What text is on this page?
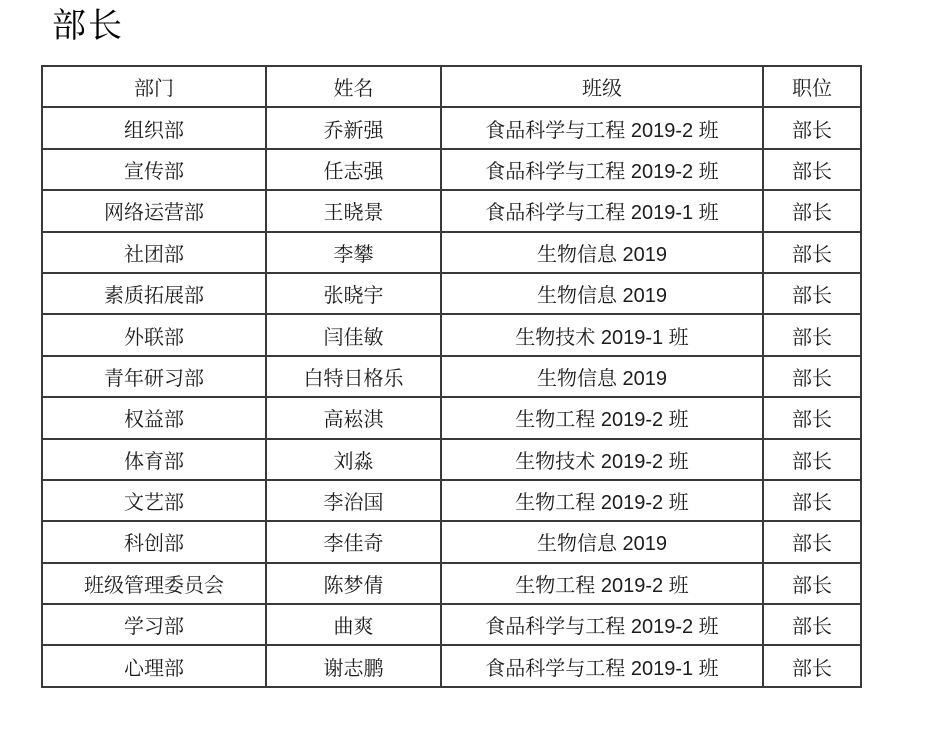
部长
部门	姓名	班级	职位
组织部	乔新强	食品科学与工程 2019-2 班	部长
宣传部	任志强	食品科学与工程 2019-2 班	部长
网络运营部	王晓景	食品科学与工程 2019-1 班	部长
社团部	李攀	生物信息 2019	部长
素质拓展部	张晓宇	生物信息 2019	部长
外联部	闫佳敏	生物技术 2019-1 班	部长
青年研习部	白特日格乐	生物信息 2019	部长
权益部	高崧淇	生物工程 2019-2 班	部长
体育部	刘淼	生物技术 2019-2 班	部长
文艺部	李治国	生物工程 2019-2 班	部长
科创部	李佳奇	生物信息 2019	部长
班级管理委员会	陈梦倩	生物工程 2019-2 班	部长
学习部	曲爽	食品科学与工程 2019-2 班	部长
心理部	谢志鹏	食品科学与工程 2019-1 班	部长
